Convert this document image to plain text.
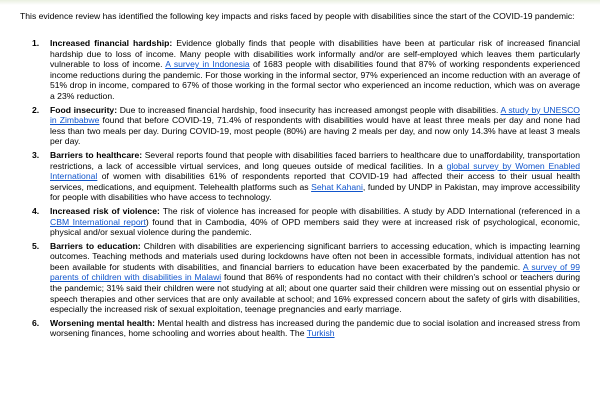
This evidence review has identified the following key impacts and risks faced by people with disabilities since the start of the COVID-19 pandemic:

1. Increased financial hardship: Evidence globally finds that people with disabilities have been at particular risk of increased financial hardship due to loss of income. Many people with disabilities work informally and/or are self-employed which leaves them particularly vulnerable to loss of income. A survey in Indonesia of 1683 people with disabilities found that 87% of working respondents experienced income reductions during the pandemic. For those working in the informal sector, 97% experienced an income reduction with an average of 51% drop in income, compared to 67% of those working in the formal sector who experienced an income reduction, which was on average a 23% reduction.
2. Food insecurity: Due to increased financial hardship, food insecurity has increased amongst people with disabilities. A study by UNESCO in Zimbabwe found that before COVID-19, 71.4% of respondents with disabilities would have at least three meals per day and none had less than two meals per day. During COVID-19, most people (80%) are having 2 meals per day, and now only 14.3% have at least 3 meals per day.
3. Barriers to healthcare: Several reports found that people with disabilities faced barriers to healthcare due to unaffordability, transportation restrictions, a lack of accessible virtual services, and long queues outside of medical facilities. In a global survey by Women Enabled International of women with disabilities 61% of respondents reported that COVID-19 had affected their access to their usual health services, medications, and equipment. Telehealth platforms such as Sehat Kahani, funded by UNDP in Pakistan, may improve accessibility for people with disabilities who have access to technology.
4. Increased risk of violence: The risk of violence has increased for people with disabilities. A study by ADD International (referenced in a CBM International report) found that in Cambodia, 40% of OPD members said they were at increased risk of psychological, economic, physical and/or sexual violence during the pandemic.
5. Barriers to education: Children with disabilities are experiencing significant barriers to accessing education, which is impacting learning outcomes. Teaching methods and materials used during lockdowns have often not been in accessible formats, individual attention has not been available for students with disabilities, and financial barriers to education have been exacerbated by the pandemic. A survey of 99 parents of children with disabilities in Malawi found that 86% of respondents had no contact with their children's school or teachers during the pandemic; 31% said their children were not studying at all; about one quarter said their children were missing out on essential physio or speech therapies and other services that are only available at school; and 16% expressed concern about the safety of girls with disabilities, especially the increased risk of sexual exploitation, teenage pregnancies and early marriage.
6. Worsening mental health: Mental health and distress has increased during the pandemic due to social isolation and increased stress from worsening finances, home schooling and worries about health. The Turkish
